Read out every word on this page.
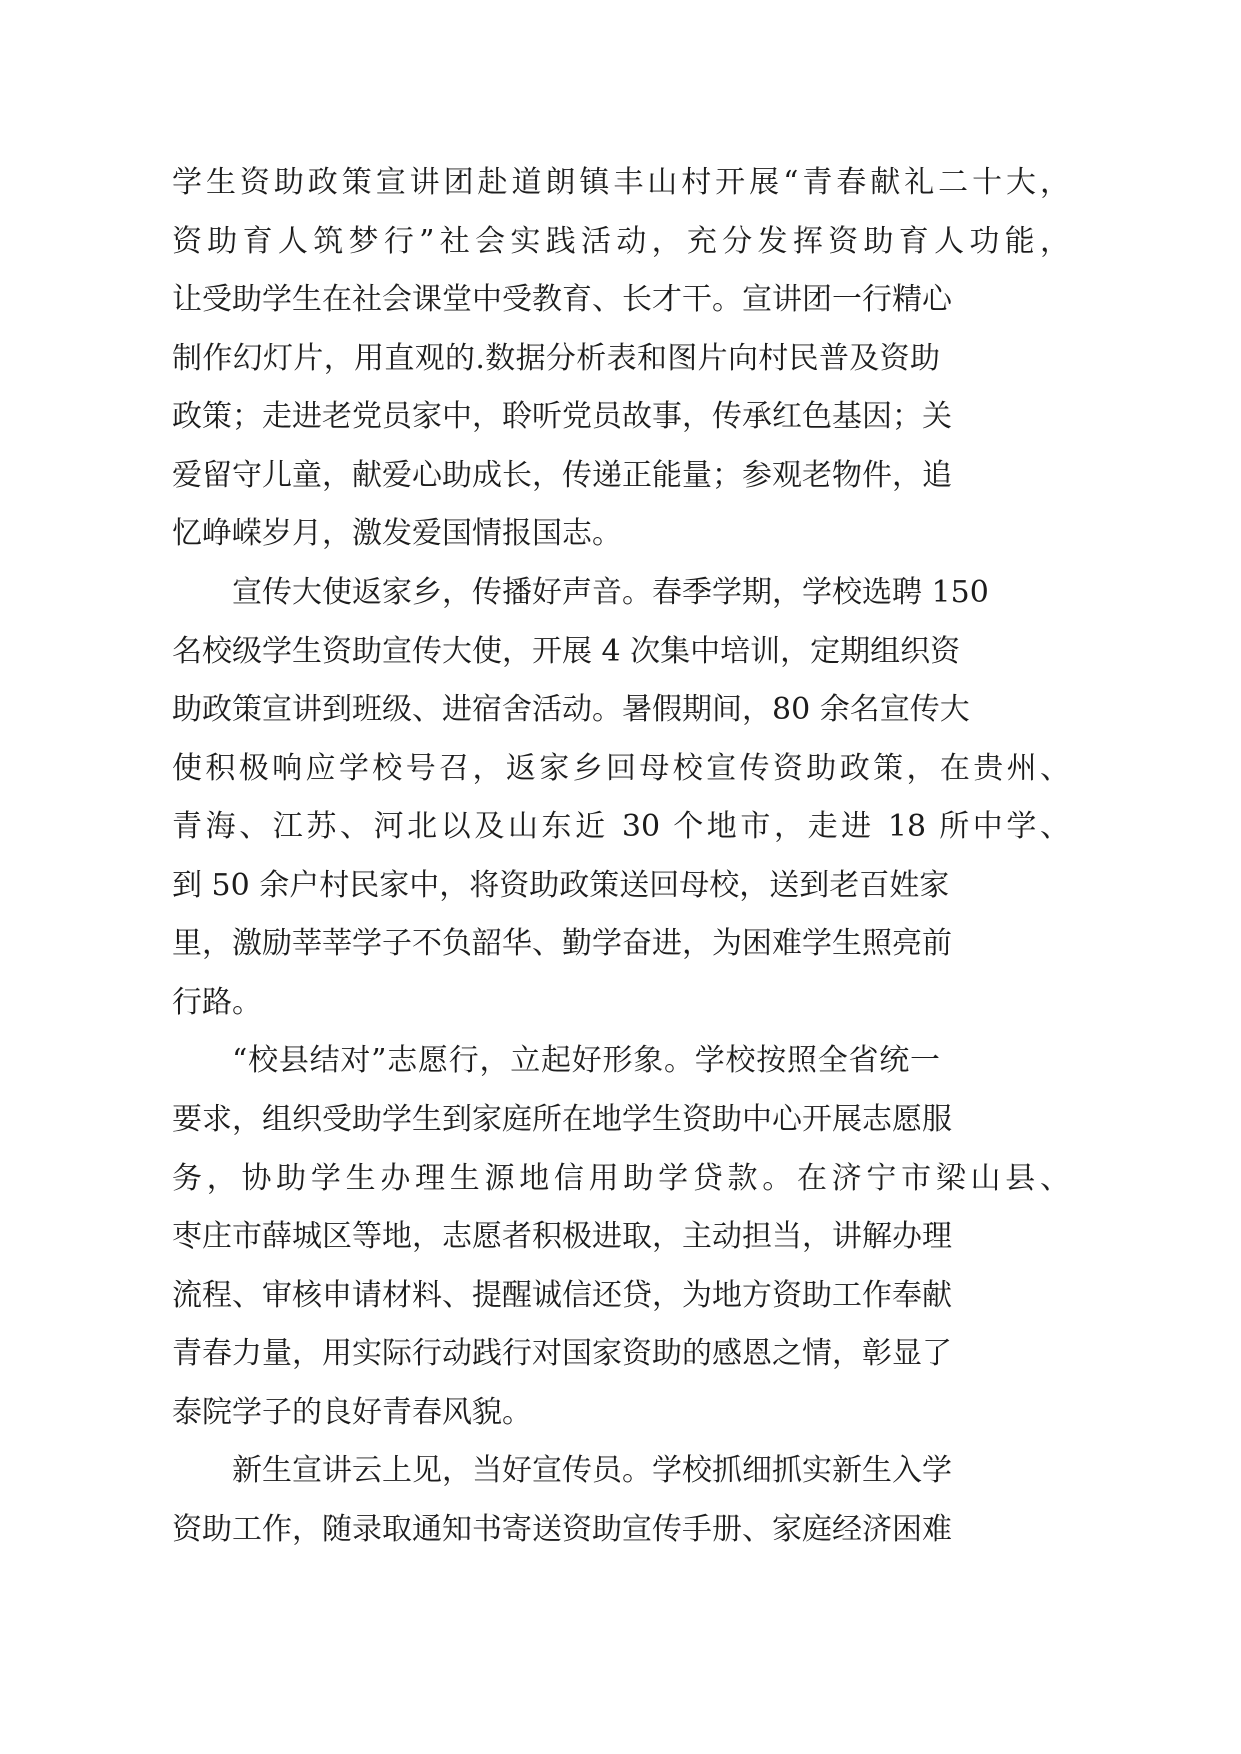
学生资助政策宣讲团赴道朗镇丰山村开展“青春献礼二十大，
资助育人筑梦行”社会实践活动，充分发挥资助育人功能，
让受助学生在社会课堂中受教育、长才干。宣讲团一行精心
制作幻灯片，用直观的.数据分析表和图片向村民普及资助
政策；走进老党员家中，聆听党员故事，传承红色基因；关
爱留守儿童，献爱心助成长，传递正能量；参观老物件，追
忆峥嵘岁月，激发爱国情报国志。
宣传大使返家乡，传播好声音。春季学期，学校选聘 150
名校级学生资助宣传大使，开展 4 次集中培训，定期组织资
助政策宣讲到班级、进宿舍活动。暑假期间，80 余名宣传大
使积极响应学校号召，返家乡回母校宣传资助政策，在贵州、
青海、江苏、河北以及山东近 30 个地市，走进 18 所中学、
到 50 余户村民家中，将资助政策送回母校，送到老百姓家
里，激励莘莘学子不负韶华、勤学奋进，为困难学生照亮前
行路。
“校县结对”志愿行，立起好形象。学校按照全省统一
要求，组织受助学生到家庭所在地学生资助中心开展志愿服
务，协助学生办理生源地信用助学贷款。在济宁市梁山县、
枣庄市薛城区等地，志愿者积极进取，主动担当，讲解办理
流程、审核申请材料、提醒诚信还贷，为地方资助工作奉献
青春力量，用实际行动践行对国家资助的感恩之情，彰显了
泰院学子的良好青春风貌。
新生宣讲云上见，当好宣传员。学校抓细抓实新生入学
资助工作，随录取通知书寄送资助宣传手册、家庭经济困难
